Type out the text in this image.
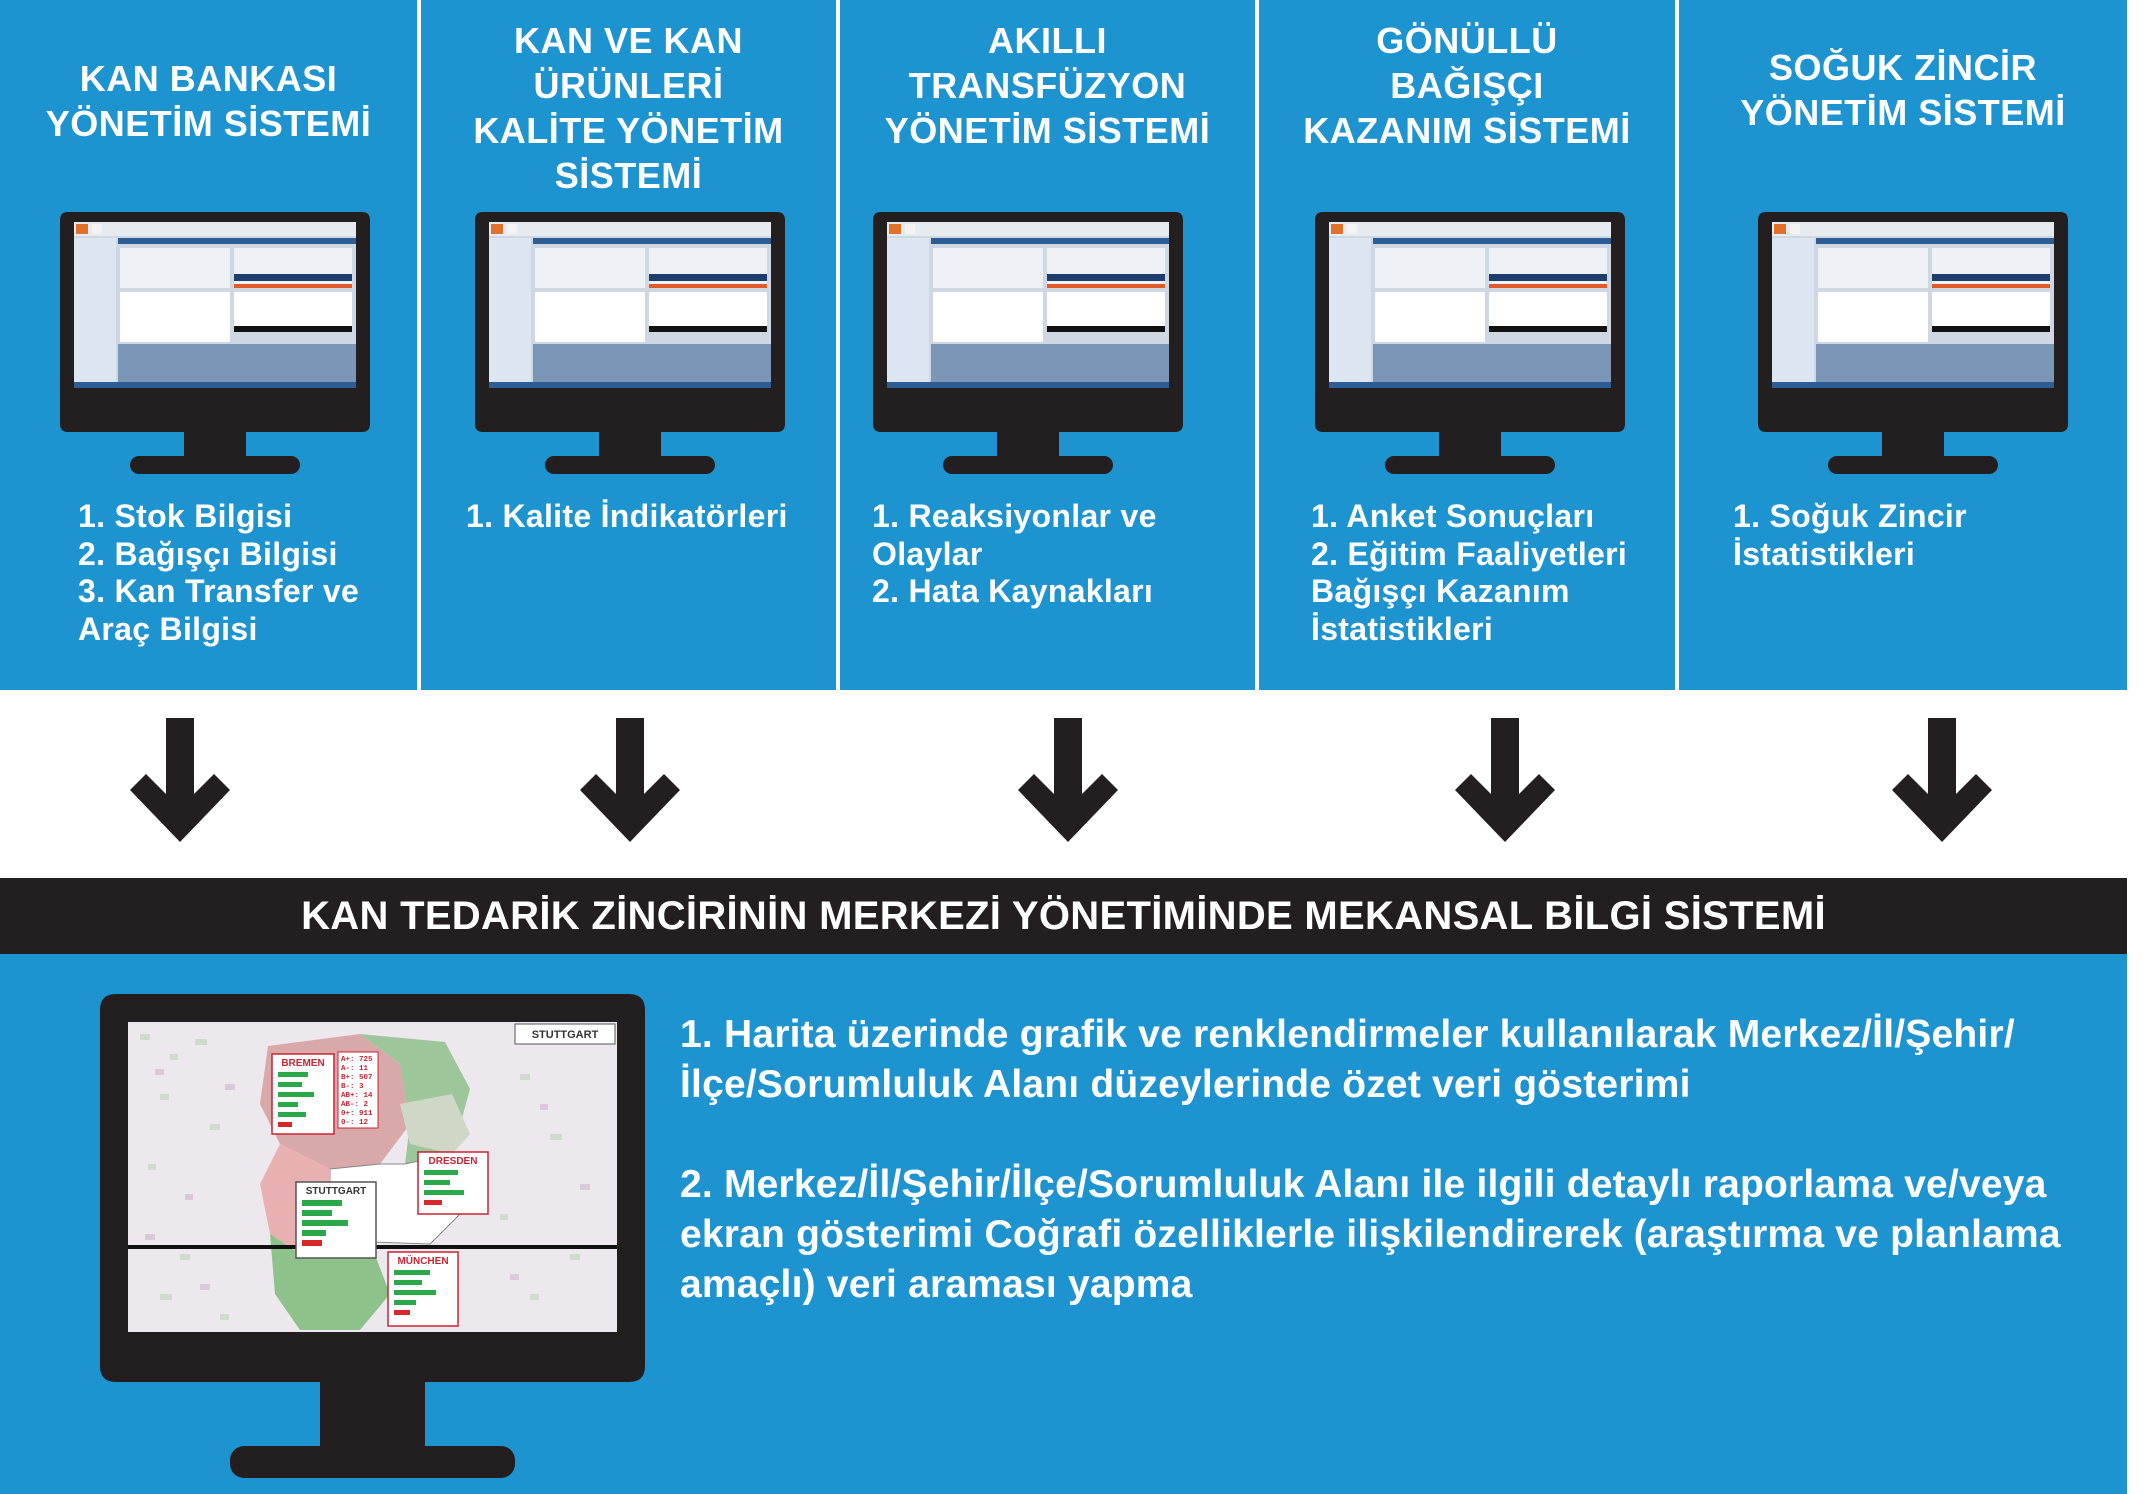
KAN BANKASI
YÖNETİM SİSTEMİ
1. Stok Bilgisi
2. Bağışçı Bilgisi
3. Kan Transfer ve
Araç Bilgisi
KAN VE KAN
ÜRÜNLERİ
KALİTE YÖNETİM
SİSTEMİ
1. Kalite İndikatörleri
AKILLI
TRANSFÜZYON
YÖNETİM SİSTEMİ
1. Reaksiyonlar ve
Olaylar
2. Hata Kaynakları
GÖNÜLLÜ
BAĞIŞÇI
KAZANIM SİSTEMİ
1. Anket Sonuçları
2. Eğitim Faaliyetleri
Bağışçı Kazanım
İstatistikleri
SOĞUK ZİNCİR
YÖNETİM SİSTEMİ
1. Soğuk Zincir
İstatistikleri
KAN TEDARİK ZİNCİRİNİN MERKEZİ YÖNETİMİNDE MEKANSAL BİLGİ SİSTEMİ
BREMEN A+: 725
A-: 11
B+: 507
B-: 3
AB+: 14
AB-: 2
0+: 911
0-: 12
STUTTGART
DRESDEN
STUTTGART
MÜNCHEN

1. Harita üzerinde grafik ve renklendirmeler kullanılarak Merkez/İl/Şehir/İlçe/Sorumluluk Alanı düzeylerinde özet veri gösterimi

2. Merkez/İl/Şehir/İlçe/Sorumluluk Alanı ile ilgili detaylı raporlama ve/veya ekran gösterimi Coğrafi özelliklerle ilişkilendirerek (araştırma ve planlama amaçlı) veri araması yapma
